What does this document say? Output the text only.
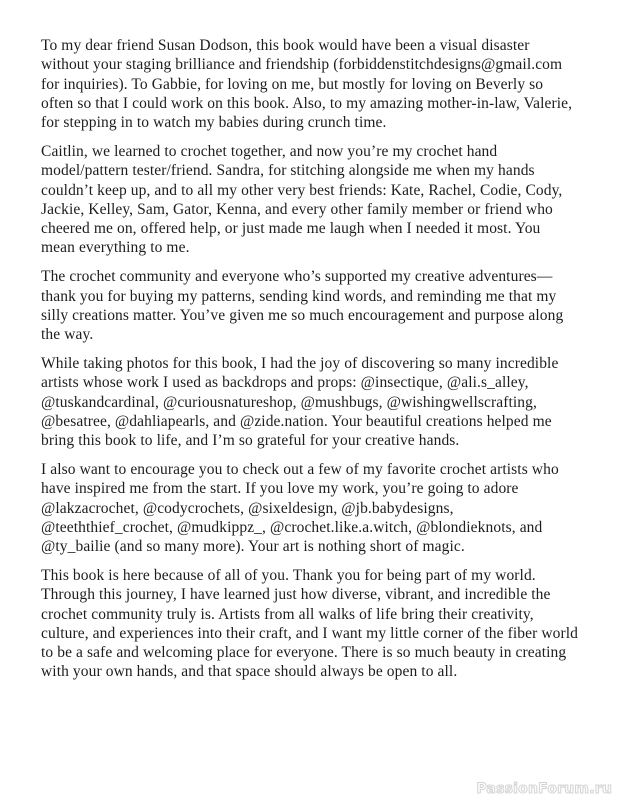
To my dear friend Susan Dodson, this book would have been a visual disaster without your staging brilliance and friendship (forbiddenstitchdesigns@gmail.com for inquiries). To Gabbie, for loving on me, but mostly for loving on Beverly so often so that I could work on this book. Also, to my amazing mother-in-law, Valerie, for stepping in to watch my babies during crunch time.

Caitlin, we learned to crochet together, and now you’re my crochet hand model/pattern tester/friend. Sandra, for stitching alongside me when my hands couldn’t keep up, and to all my other very best friends: Kate, Rachel, Codie, Cody, Jackie, Kelley, Sam, Gator, Kenna, and every other family member or friend who cheered me on, offered help, or just made me laugh when I needed it most. You mean everything to me.

The crochet community and everyone who’s supported my creative adventures—thank you for buying my patterns, sending kind words, and reminding me that my silly creations matter. You’ve given me so much encouragement and purpose along the way.

While taking photos for this book, I had the joy of discovering so many incredible artists whose work I used as backdrops and props: @insectique, @ali.s_alley, @tuskandcardinal, @curiousnatureshop, @mushbugs, @wishingwellscrafting, @besatree, @dahliapearls, and @zide.nation. Your beautiful creations helped me bring this book to life, and I’m so grateful for your creative hands.

I also want to encourage you to check out a few of my favorite crochet artists who have inspired me from the start. If you love my work, you’re going to adore @lakzacrochet, @codycrochets, @sixeldesign, @jb.babydesigns, @teeththief_crochet, @mudkippz_, @crochet.like.a.witch, @blondieknots, and @ty_bailie (and so many more). Your art is nothing short of magic.

This book is here because of all of you. Thank you for being part of my world. Through this journey, I have learned just how diverse, vibrant, and incredible the crochet community truly is. Artists from all walks of life bring their creativity, culture, and experiences into their craft, and I want my little corner of the fiber world to be a safe and welcoming place for everyone. There is so much beauty in creating with your own hands, and that space should always be open to all.

PassionForum.ru
